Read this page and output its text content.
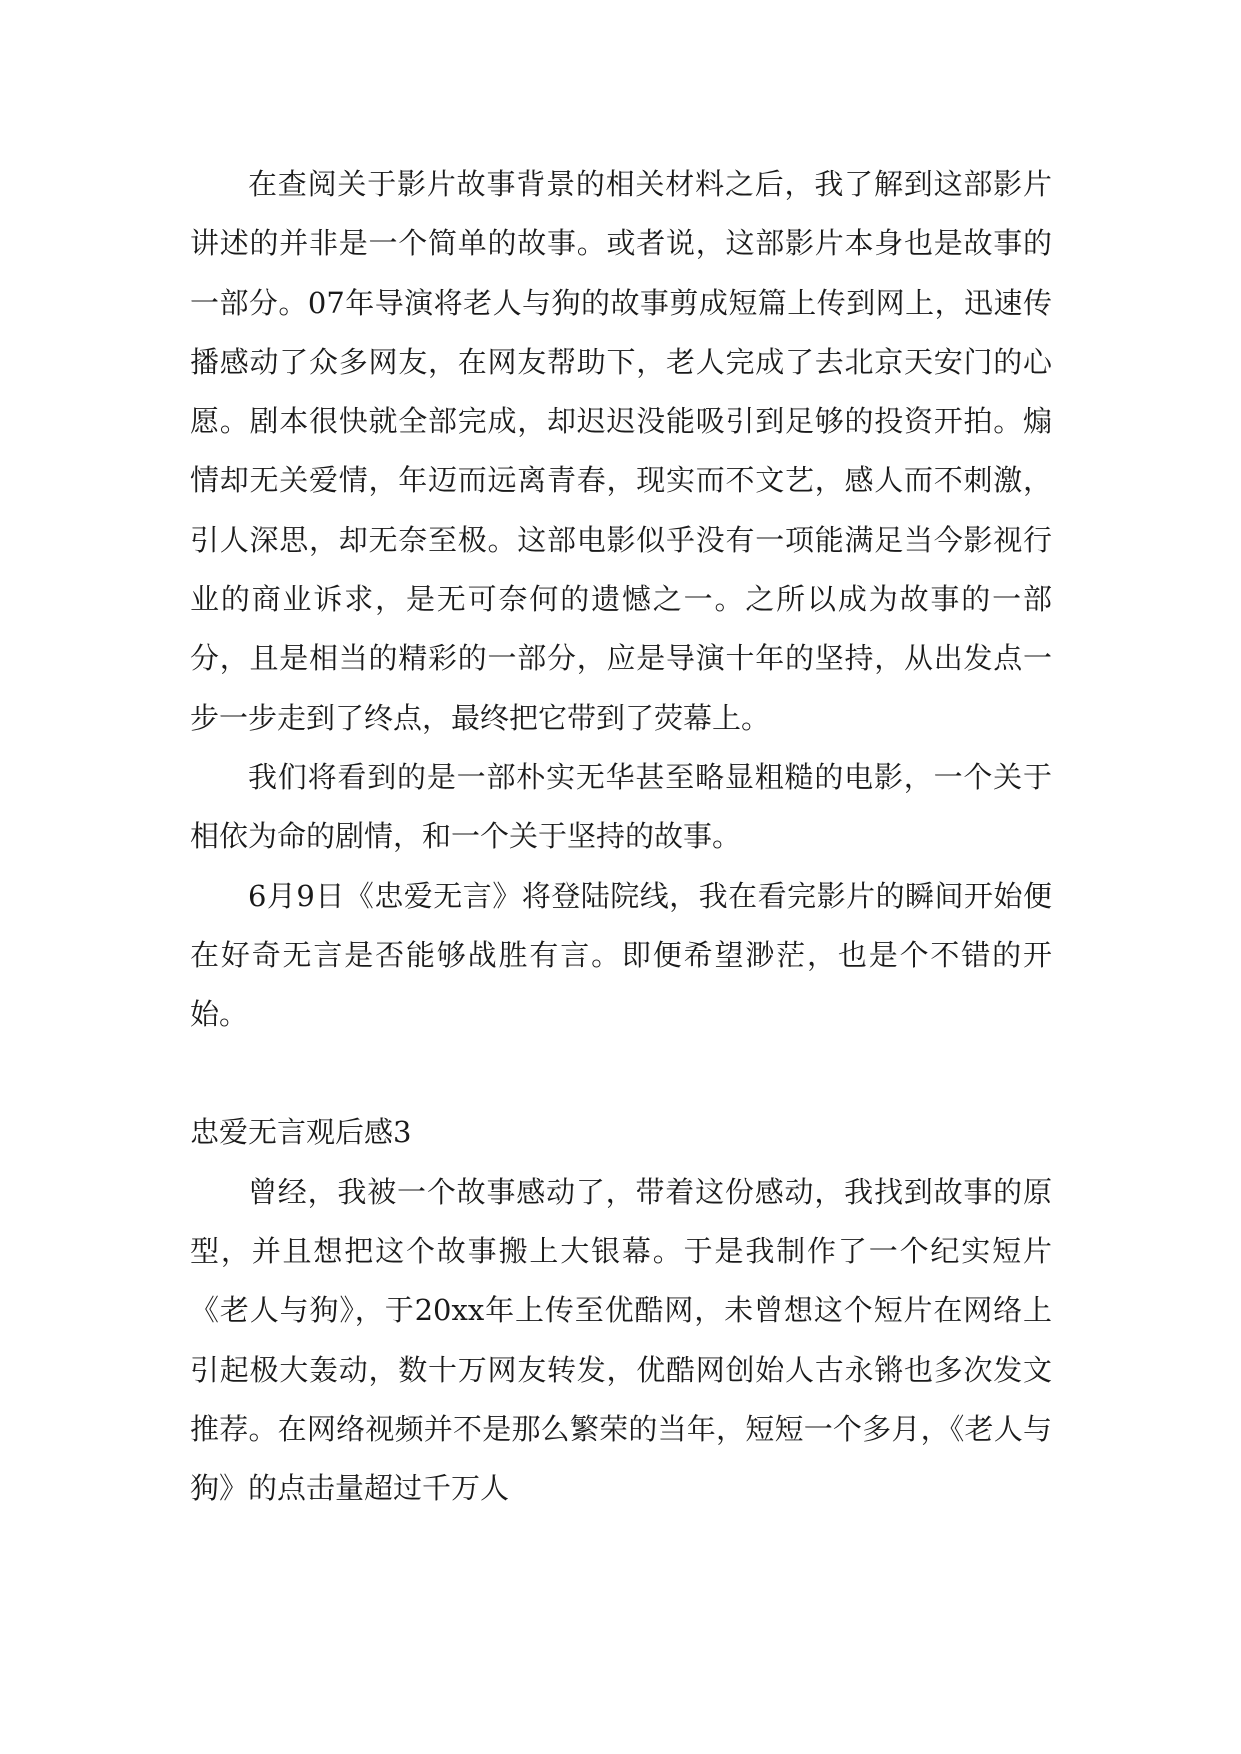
在查阅关于影片故事背景的相关材料之后，我了解到这部影片讲述的并非是一个简单的故事。或者说，这部影片本身也是故事的一部分。07年导演将老人与狗的故事剪成短篇上传到网上，迅速传播感动了众多网友，在网友帮助下，老人完成了去北京天安门的心愿。剧本很快就全部完成，却迟迟没能吸引到足够的投资开拍。煽情却无关爱情，年迈而远离青春，现实而不文艺，感人而不刺激，引人深思，却无奈至极。这部电影似乎没有一项能满足当今影视行业的商业诉求，是无可奈何的遗憾之一。之所以成为故事的一部分，且是相当的精彩的一部分，应是导演十年的坚持，从出发点一步一步走到了终点，最终把它带到了荧幕上。

我们将看到的是一部朴实无华甚至略显粗糙的电影，一个关于相依为命的剧情，和一个关于坚持的故事。

6月9日《忠爱无言》将登陆院线，我在看完影片的瞬间开始便在好奇无言是否能够战胜有言。即便希望渺茫，也是个不错的开始。

忠爱无言观后感3

曾经，我被一个故事感动了，带着这份感动，我找到故事的原型，并且想把这个故事搬上大银幕。于是我制作了一个纪实短片《老人与狗》，于20xx年上传至优酷网，未曾想这个短片在网络上引起极大轰动，数十万网友转发，优酷网创始人古永锵也多次发文推荐。在网络视频并不是那么繁荣的当年，短短一个多月，《老人与狗》的点击量超过千万人
